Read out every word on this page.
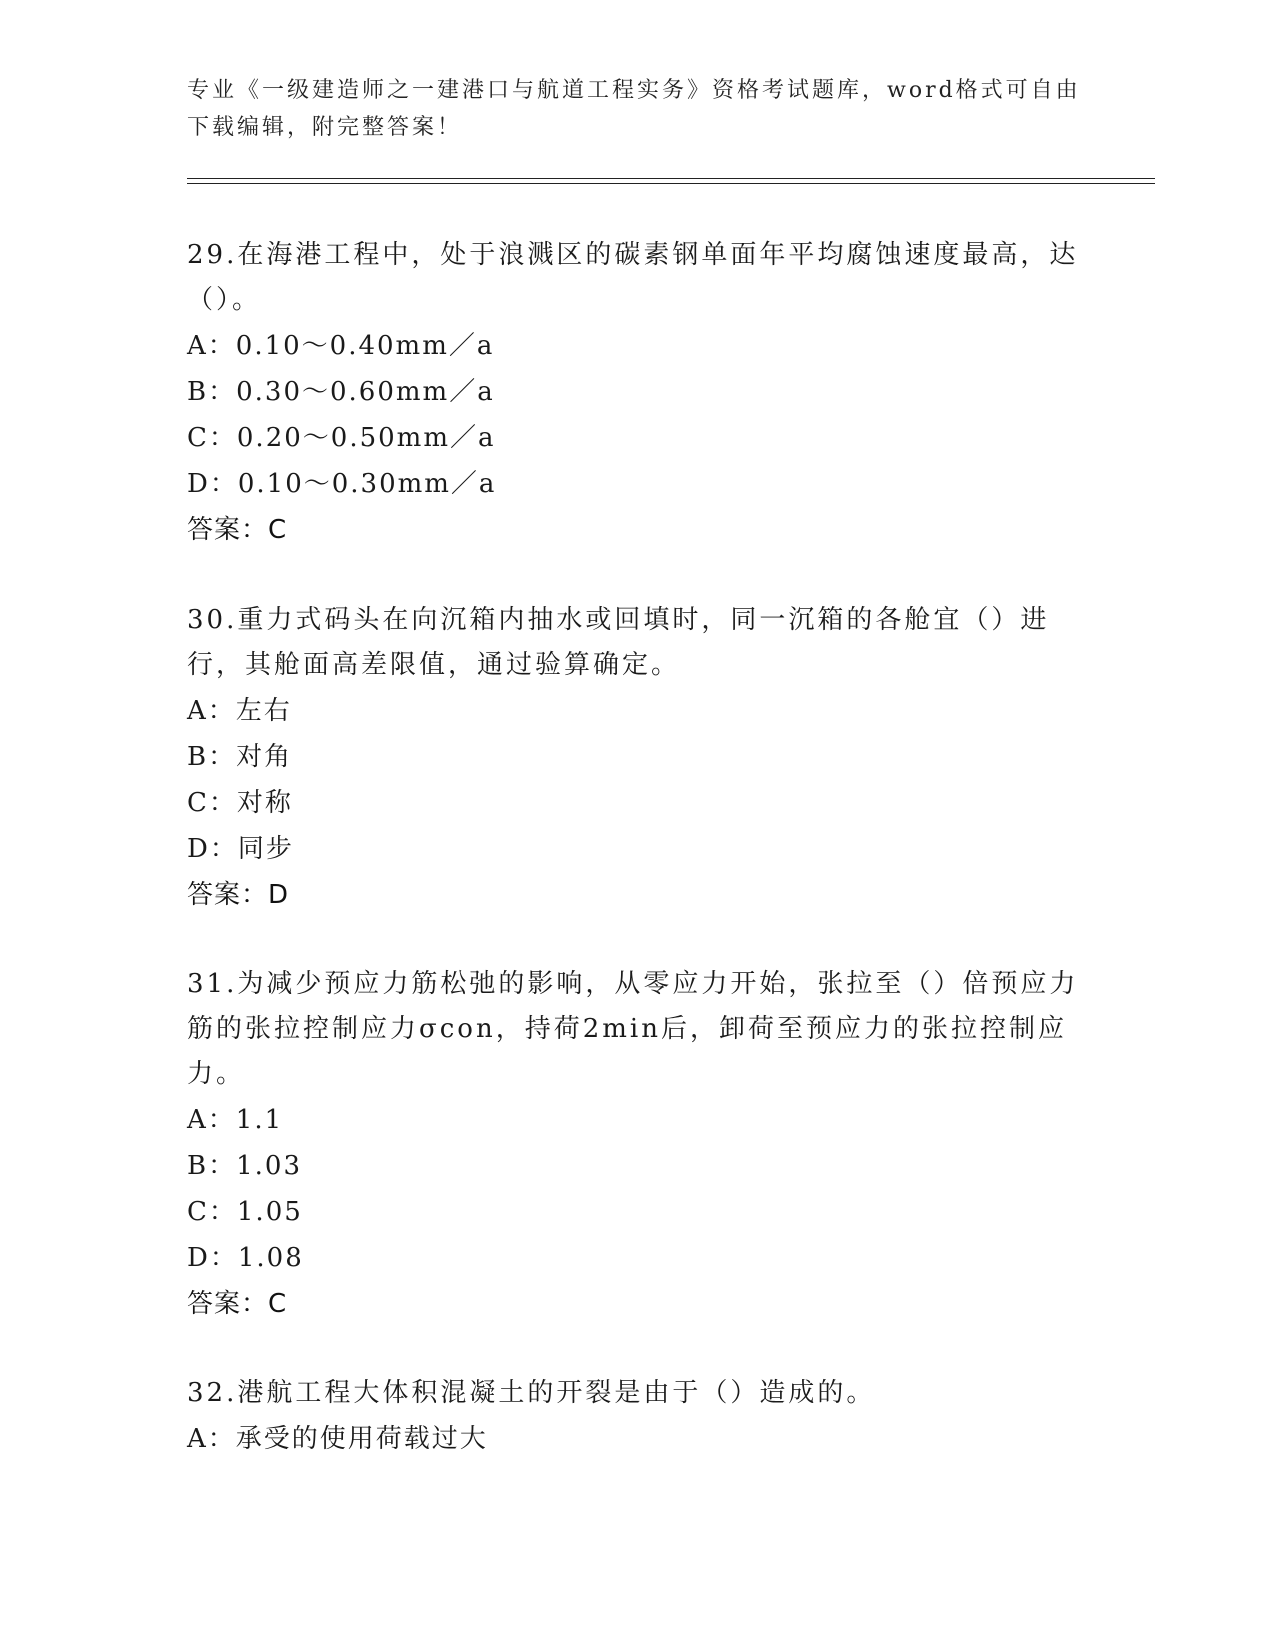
专业《一级建造师之一建港口与航道工程实务》资格考试题库，word格式可自由下载编辑，附完整答案！

29.在海港工程中，处于浪溅区的碳素钢单面年平均腐蚀速度最高，达（）。

A：0.10～0.40mm／a

B：0.30～0.60mm／a

C：0.20～0.50mm／a

D：0.10～0.30mm／a

答案：C

30.重力式码头在向沉箱内抽水或回填时，同一沉箱的各舱宜（）进行，其舱面高差限值，通过验算确定。

A：左右

B：对角

C：对称

D：同步

答案：D

31.为减少预应力筋松弛的影响，从零应力开始，张拉至（）倍预应力筋的张拉控制应力σcon，持荷2min后，卸荷至预应力的张拉控制应力。

A：1.1

B：1.03

C：1.05

D：1.08

答案：C

32.港航工程大体积混凝土的开裂是由于（）造成的。

A：承受的使用荷载过大
